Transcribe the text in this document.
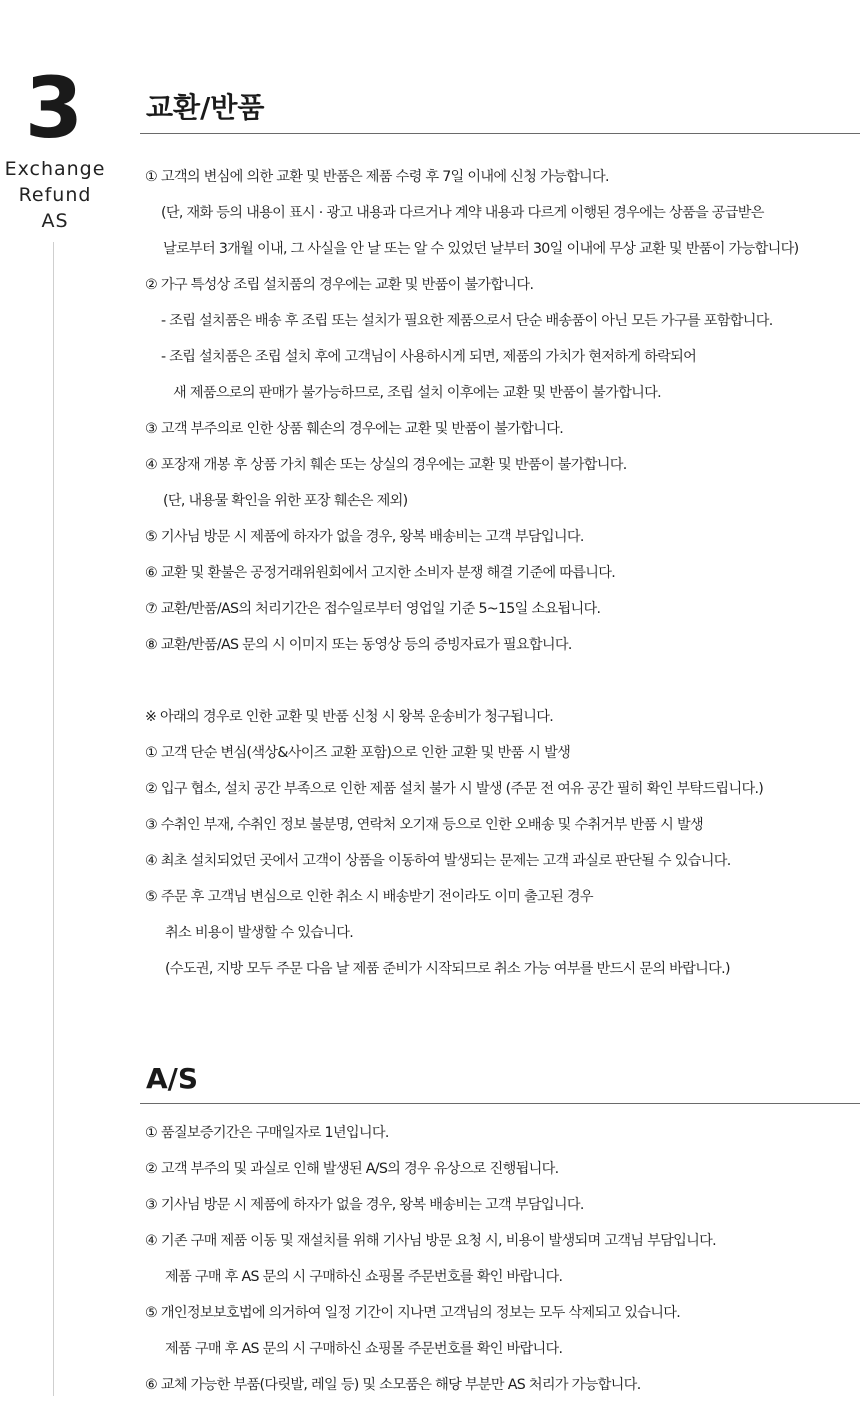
3
Exchange
Refund
AS
교환/반품
① 고객의 변심에 의한 교환 및 반품은 제품 수령 후 7일 이내에 신청 가능합니다.
(단, 재화 등의 내용이 표시 · 광고 내용과 다르거나 계약 내용과 다르게 이행된 경우에는 상품을 공급받은
날로부터 3개월 이내, 그 사실을 안 날 또는 알 수 있었던 날부터 30일 이내에 무상 교환 및 반품이 가능합니다)
② 가구 특성상 조립 설치품의 경우에는 교환 및 반품이 불가합니다.
- 조립 설치품은 배송 후 조립 또는 설치가 필요한 제품으로서 단순 배송품이 아닌 모든 가구를 포함합니다.
- 조립 설치품은 조립 설치 후에 고객님이 사용하시게 되면, 제품의 가치가 현저하게 하락되어
새 제품으로의 판매가 불가능하므로, 조립 설치 이후에는 교환 및 반품이 불가합니다.
③ 고객 부주의로 인한 상품 훼손의 경우에는 교환 및 반품이 불가합니다.
④ 포장재 개봉 후 상품 가치 훼손 또는 상실의 경우에는 교환 및 반품이 불가합니다.
(단, 내용물 확인을 위한 포장 훼손은 제외)
⑤ 기사님 방문 시 제품에 하자가 없을 경우, 왕복 배송비는 고객 부담입니다.
⑥ 교환 및 환불은 공정거래위원회에서 고지한 소비자 분쟁 해결 기준에 따릅니다.
⑦ 교환/반품/AS의 처리기간은 접수일로부터 영업일 기준 5~15일 소요됩니다.
⑧ 교환/반품/AS 문의 시 이미지 또는 동영상 등의 증빙자료가 필요합니다.
※ 아래의 경우로 인한 교환 및 반품 신청 시 왕복 운송비가 청구됩니다.
① 고객 단순 변심(색상&사이즈 교환 포함)으로 인한 교환 및 반품 시 발생
② 입구 협소, 설치 공간 부족으로 인한 제품 설치 불가 시 발생 (주문 전 여유 공간 필히 확인 부탁드립니다.)
③ 수취인 부재, 수취인 정보 불분명, 연락처 오기재 등으로 인한 오배송 및 수취거부 반품 시 발생
④ 최초 설치되었던 곳에서 고객이 상품을 이동하여 발생되는 문제는 고객 과실로 판단될 수 있습니다.
⑤ 주문 후 고객님 변심으로 인한 취소 시 배송받기 전이라도 이미 출고된 경우
취소 비용이 발생할 수 있습니다.
(수도권, 지방 모두 주문 다음 날 제품 준비가 시작되므로 취소 가능 여부를 반드시 문의 바랍니다.)
A/S
① 품질보증기간은 구매일자로 1년입니다.
② 고객 부주의 및 과실로 인해 발생된 A/S의 경우 유상으로 진행됩니다.
③ 기사님 방문 시 제품에 하자가 없을 경우, 왕복 배송비는 고객 부담입니다.
④ 기존 구매 제품 이동 및 재설치를 위해 기사님 방문 요청 시, 비용이 발생되며 고객님 부담입니다.
제품 구매 후 AS 문의 시 구매하신 쇼핑몰 주문번호를 확인 바랍니다.
⑤ 개인정보보호법에 의거하여 일정 기간이 지나면 고객님의 정보는 모두 삭제되고 있습니다.
제품 구매 후 AS 문의 시 구매하신 쇼핑몰 주문번호를 확인 바랍니다.
⑥ 교체 가능한 부품(다릿발, 레일 등) 및 소모품은 해당 부분만 AS 처리가 가능합니다.
